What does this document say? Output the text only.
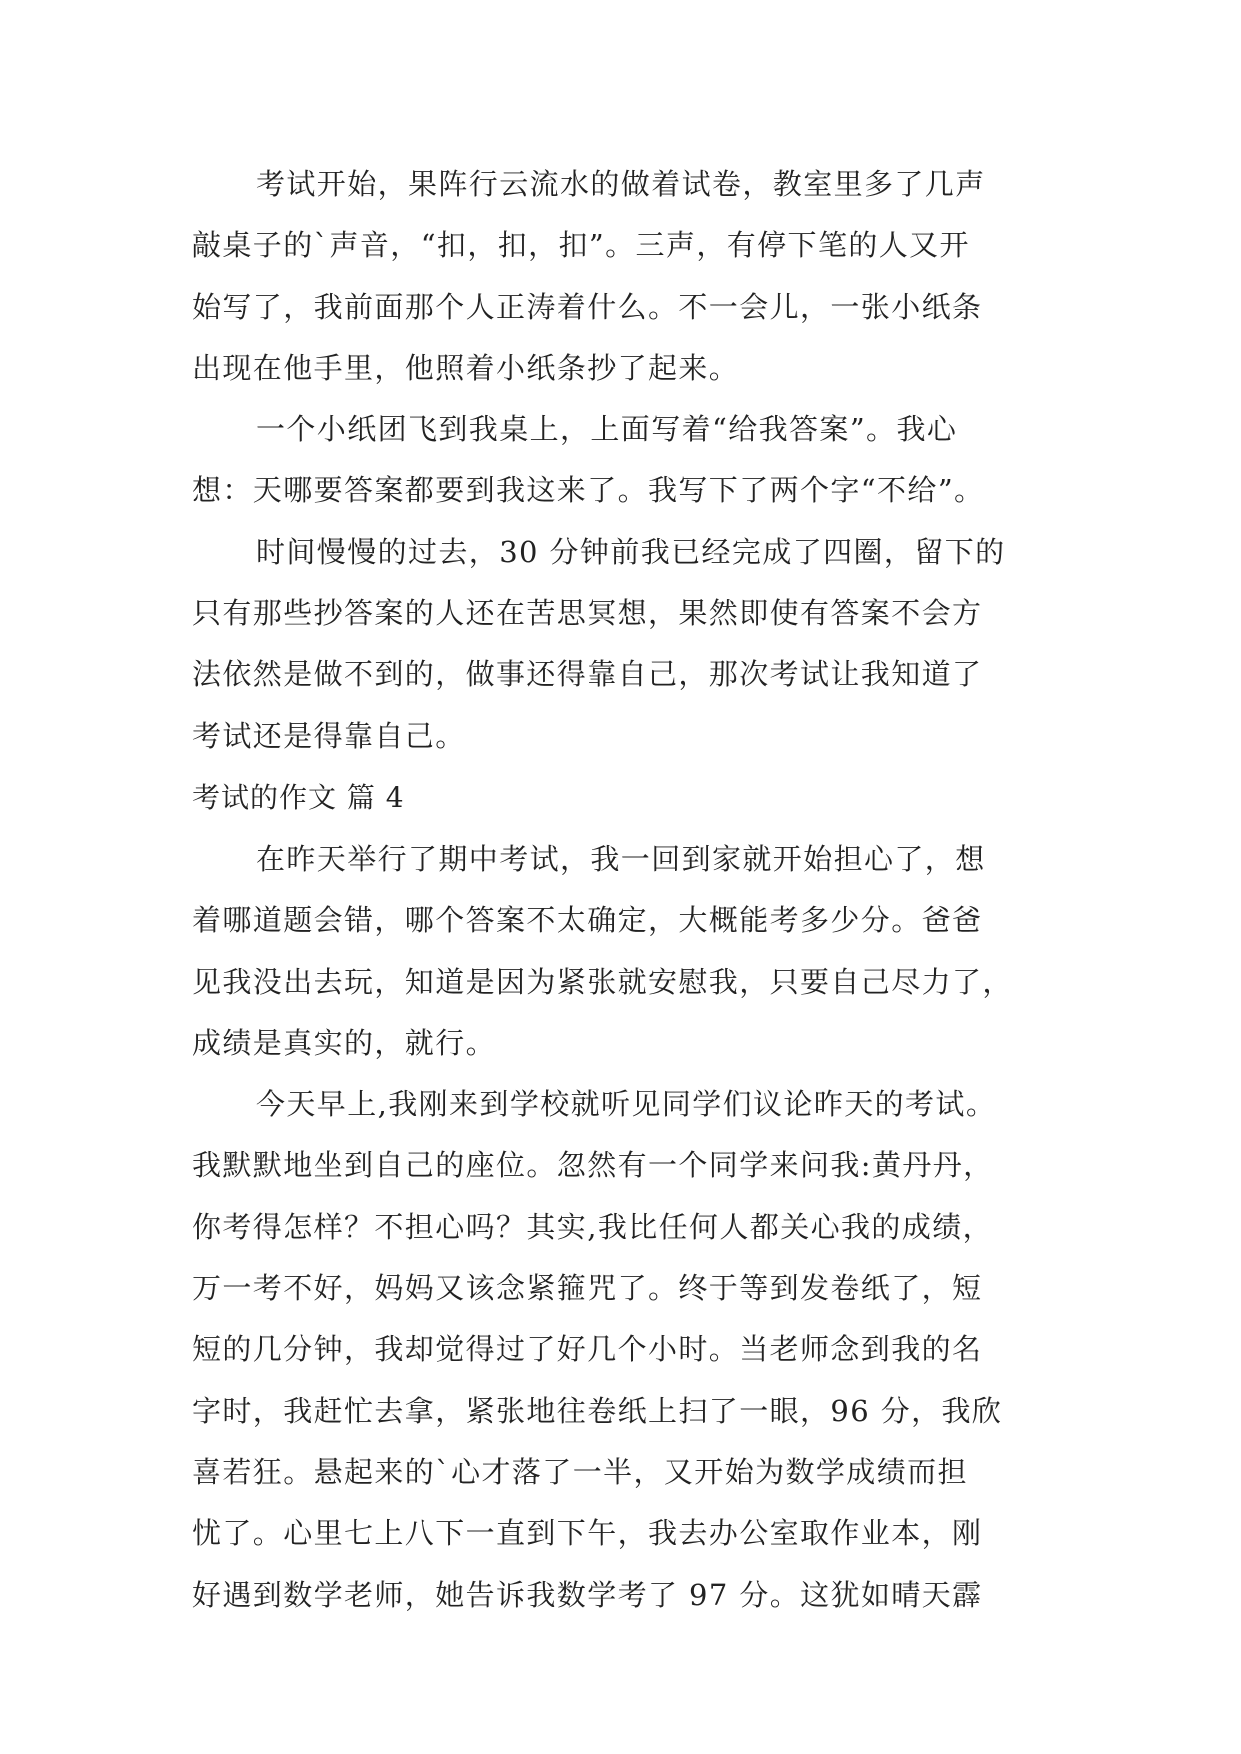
考试开始，果阵行云流水的做着试卷，教室里多了几声
敲桌子的`声音，“扣，扣，扣”。三声，有停下笔的人又开
始写了，我前面那个人正涛着什么。不一会儿，一张小纸条
出现在他手里，他照着小纸条抄了起来。
一个小纸团飞到我桌上，上面写着“给我答案”。我心
想：天哪要答案都要到我这来了。我写下了两个字“不给”。
时间慢慢的过去，30 分钟前我已经完成了四圈，留下的
只有那些抄答案的人还在苦思冥想，果然即使有答案不会方
法依然是做不到的，做事还得靠自己，那次考试让我知道了
考试还是得靠自己。
考试的作文 篇 4
在昨天举行了期中考试，我一回到家就开始担心了，想
着哪道题会错，哪个答案不太确定，大概能考多少分。爸爸
见我没出去玩，知道是因为紧张就安慰我，只要自己尽力了，
成绩是真实的，就行。
今天早上,我刚来到学校就听见同学们议论昨天的考试。
我默默地坐到自己的座位。忽然有一个同学来问我:黄丹丹，
你考得怎样？不担心吗？其实,我比任何人都关心我的成绩，
万一考不好，妈妈又该念紧箍咒了。终于等到发卷纸了，短
短的几分钟，我却觉得过了好几个小时。当老师念到我的名
字时，我赶忙去拿，紧张地往卷纸上扫了一眼，96 分，我欣
喜若狂。悬起来的`心才落了一半，又开始为数学成绩而担
忧了。心里七上八下一直到下午，我去办公室取作业本，刚
好遇到数学老师，她告诉我数学考了 97 分。这犹如晴天霹
